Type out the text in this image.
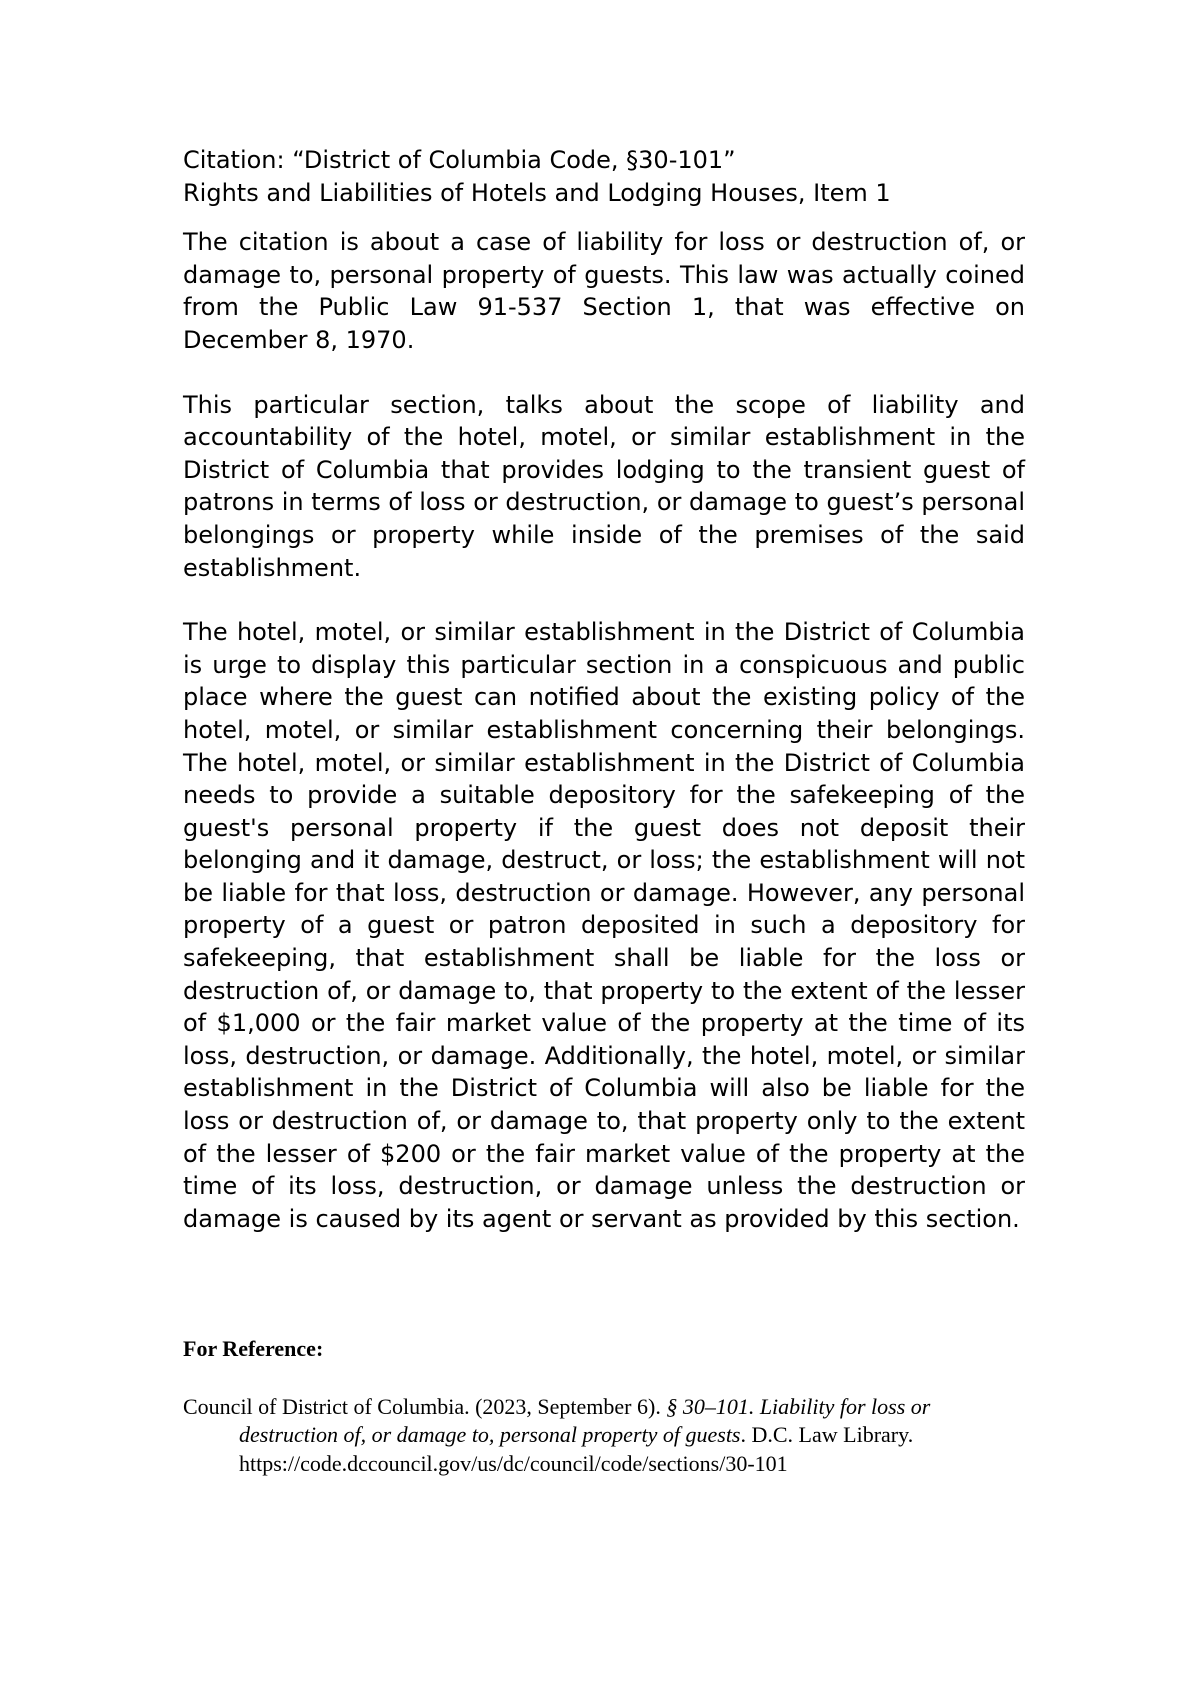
Citation: “District of Columbia Code, §30-101”
Rights and Liabilities of Hotels and Lodging Houses, Item 1

The citation is about a case of liability for loss or destruction of, or damage to, personal property of guests. This law was actually coined from the Public Law 91-537 Section 1, that was effective on December 8, 1970.

This particular section, talks about the scope of liability and accountability of the hotel, motel, or similar establishment in the District of Columbia that provides lodging to the transient guest of patrons in terms of loss or destruction, or damage to guest’s personal belongings or property while inside of the premises of the said establishment.

The hotel, motel, or similar establishment in the District of Columbia is urge to display this particular section in a conspicuous and public place where the guest can notified about the existing policy of the hotel, motel, or similar establishment concerning their belongings. The hotel, motel, or similar establishment in the District of Columbia needs to provide a suitable depository for the safekeeping of the guest's personal property if the guest does not deposit their belonging and it damage, destruct, or loss; the establishment will not be liable for that loss, destruction or damage. However, any personal property of a guest or patron deposited in such a depository for safekeeping, that establishment shall be liable for the loss or destruction of, or damage to, that property to the extent of the lesser of $1,000 or the fair market value of the property at the time of its loss, destruction, or damage. Additionally, the hotel, motel, or similar establishment in the District of Columbia will also be liable for the loss or destruction of, or damage to, that property only to the extent of the lesser of $200 or the fair market value of the property at the time of its loss, destruction, or damage unless the destruction or damage is caused by its agent or servant as provided by this section.

For Reference:

Council of District of Columbia. (2023, September 6). § 30–101. Liability for loss or destruction of, or damage to, personal property of guests. D.C. Law Library. https://code.dccouncil.gov/us/dc/council/code/sections/30-101
